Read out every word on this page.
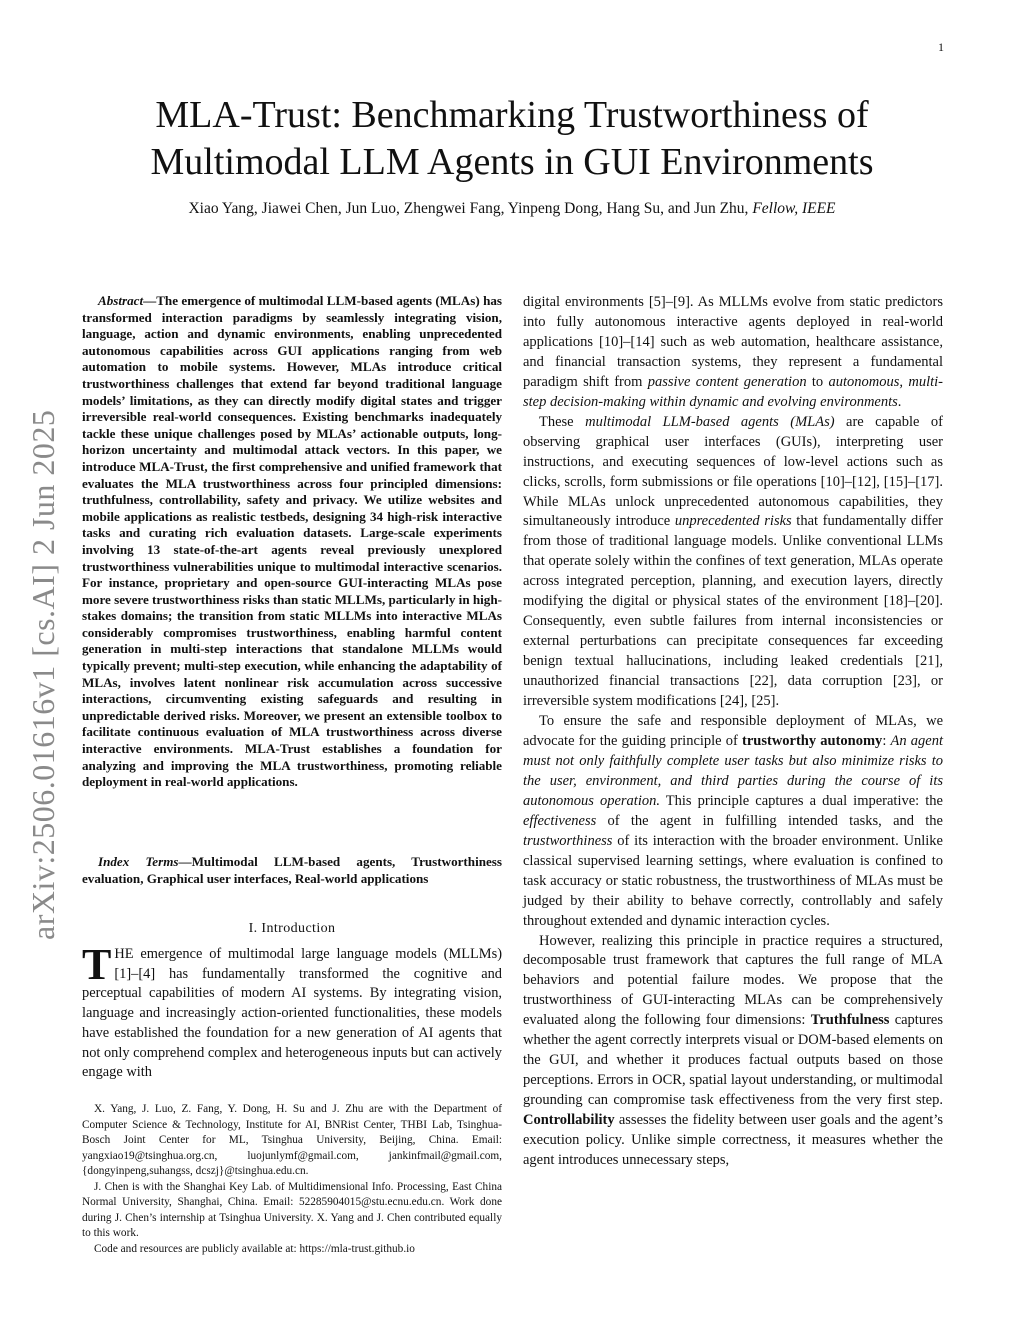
1
arXiv:2506.01616v1 [cs.AI] 2 Jun 2025
MLA-Trust: Benchmarking Trustworthiness of
Multimodal LLM Agents in GUI Environments
Xiao Yang, Jiawei Chen, Jun Luo, Zhengwei Fang, Yinpeng Dong, Hang Su, and Jun Zhu, Fellow, IEEE

Abstract—The emergence of multimodal LLM-based agents (MLAs) has transformed interaction paradigms by seamlessly integrating vision, language, action and dynamic environments, enabling unprecedented autonomous capabilities across GUI applications ranging from web automation to mobile systems. However, MLAs introduce critical trustworthiness challenges that extend far beyond traditional language models’ limitations, as they can directly modify digital states and trigger irreversible real-world consequences. Existing benchmarks inadequately tackle these unique challenges posed by MLAs’ actionable outputs, long-horizon uncertainty and multimodal attack vectors. In this paper, we introduce MLA-Trust, the first comprehensive and unified framework that evaluates the MLA trustworthiness across four principled dimensions: truthfulness, controllability, safety and privacy. We utilize websites and mobile applications as realistic testbeds, designing 34 high-risk interactive tasks and curating rich evaluation datasets. Large-scale experiments involving 13 state-of-the-art agents reveal previously unexplored trustworthiness vulnerabilities unique to multimodal interactive scenarios. For instance, proprietary and open-source GUI-interacting MLAs pose more severe trustworthiness risks than static MLLMs, particularly in high-stakes domains; the transition from static MLLMs into interactive MLAs considerably compromises trustworthiness, enabling harmful content generation in multi-step interactions that standalone MLLMs would typically prevent; multi-step execution, while enhancing the adaptability of MLAs, involves latent nonlinear risk accumulation across successive interactions, circumventing existing safeguards and resulting in unpredictable derived risks. Moreover, we present an extensible toolbox to facilitate continuous evaluation of MLA trustworthiness across diverse interactive environments. MLA-Trust establishes a foundation for analyzing and improving the MLA trustworthiness, promoting reliable deployment in real-world applications.

Index Terms—Multimodal LLM-based agents, Trustworthiness evaluation, Graphical user interfaces, Real-world applications

I. Introduction

THE emergence of multimodal large language models (MLLMs) [1]–[4] has fundamentally transformed the cognitive and perceptual capabilities of modern AI systems. By integrating vision, language and increasingly action-oriented functionalities, these models have established the foundation for a new generation of AI agents that not only comprehend complex and heterogeneous inputs but can actively engage with

X. Yang, J. Luo, Z. Fang, Y. Dong, H. Su and J. Zhu are with the Department of Computer Science & Technology, Institute for AI, BNRist Center, THBI Lab, Tsinghua-Bosch Joint Center for ML, Tsinghua University, Beijing, China. Email: yangxiao19@tsinghua.org.cn, luojunlymf@gmail.com, jankinfmail@gmail.com, {dongyinpeng,suhangss, dcszj}@tsinghua.edu.cn.

J. Chen is with the Shanghai Key Lab. of Multidimensional Info. Processing, East China Normal University, Shanghai, China. Email: 52285904015@stu.ecnu.edu.cn. Work done during J. Chen’s internship at Tsinghua University. X. Yang and J. Chen contributed equally to this work.

Code and resources are publicly available at: https://mla-trust.github.io

digital environments [5]–[9]. As MLLMs evolve from static predictors into fully autonomous interactive agents deployed in real-world applications [10]–[14] such as web automation, healthcare assistance, and financial transaction systems, they represent a fundamental paradigm shift from passive content generation to autonomous, multi-step decision-making within dynamic and evolving environments.

These multimodal LLM-based agents (MLAs) are capable of observing graphical user interfaces (GUIs), interpreting user instructions, and executing sequences of low-level actions such as clicks, scrolls, form submissions or file operations [10]–[12], [15]–[17]. While MLAs unlock unprecedented autonomous capabilities, they simultaneously introduce unprecedented risks that fundamentally differ from those of traditional language models. Unlike conventional LLMs that operate solely within the confines of text generation, MLAs operate across integrated perception, planning, and execution layers, directly modifying the digital or physical states of the environment [18]–[20]. Consequently, even subtle failures from internal inconsistencies or external perturbations can precipitate consequences far exceeding benign textual hallucinations, including leaked credentials [21], unauthorized financial transactions [22], data corruption [23], or irreversible system modifications [24], [25].

To ensure the safe and responsible deployment of MLAs, we advocate for the guiding principle of trustworthy autonomy: An agent must not only faithfully complete user tasks but also minimize risks to the user, environment, and third parties during the course of its autonomous operation. This principle captures a dual imperative: the effectiveness of the agent in fulfilling intended tasks, and the trustworthiness of its interaction with the broader environment. Unlike classical supervised learning settings, where evaluation is confined to task accuracy or static robustness, the trustworthiness of MLAs must be judged by their ability to behave correctly, controllably and safely throughout extended and dynamic interaction cycles.

However, realizing this principle in practice requires a structured, decomposable trust framework that captures the full range of MLA behaviors and potential failure modes. We propose that the trustworthiness of GUI-interacting MLAs can be comprehensively evaluated along the following four dimensions: Truthfulness captures whether the agent correctly interprets visual or DOM-based elements on the GUI, and whether it produces factual outputs based on those perceptions. Errors in OCR, spatial layout understanding, or multimodal grounding can compromise task effectiveness from the very first step. Controllability assesses the fidelity between user goals and the agent’s execution policy. Unlike simple correctness, it measures whether the agent introduces unnecessary steps,
